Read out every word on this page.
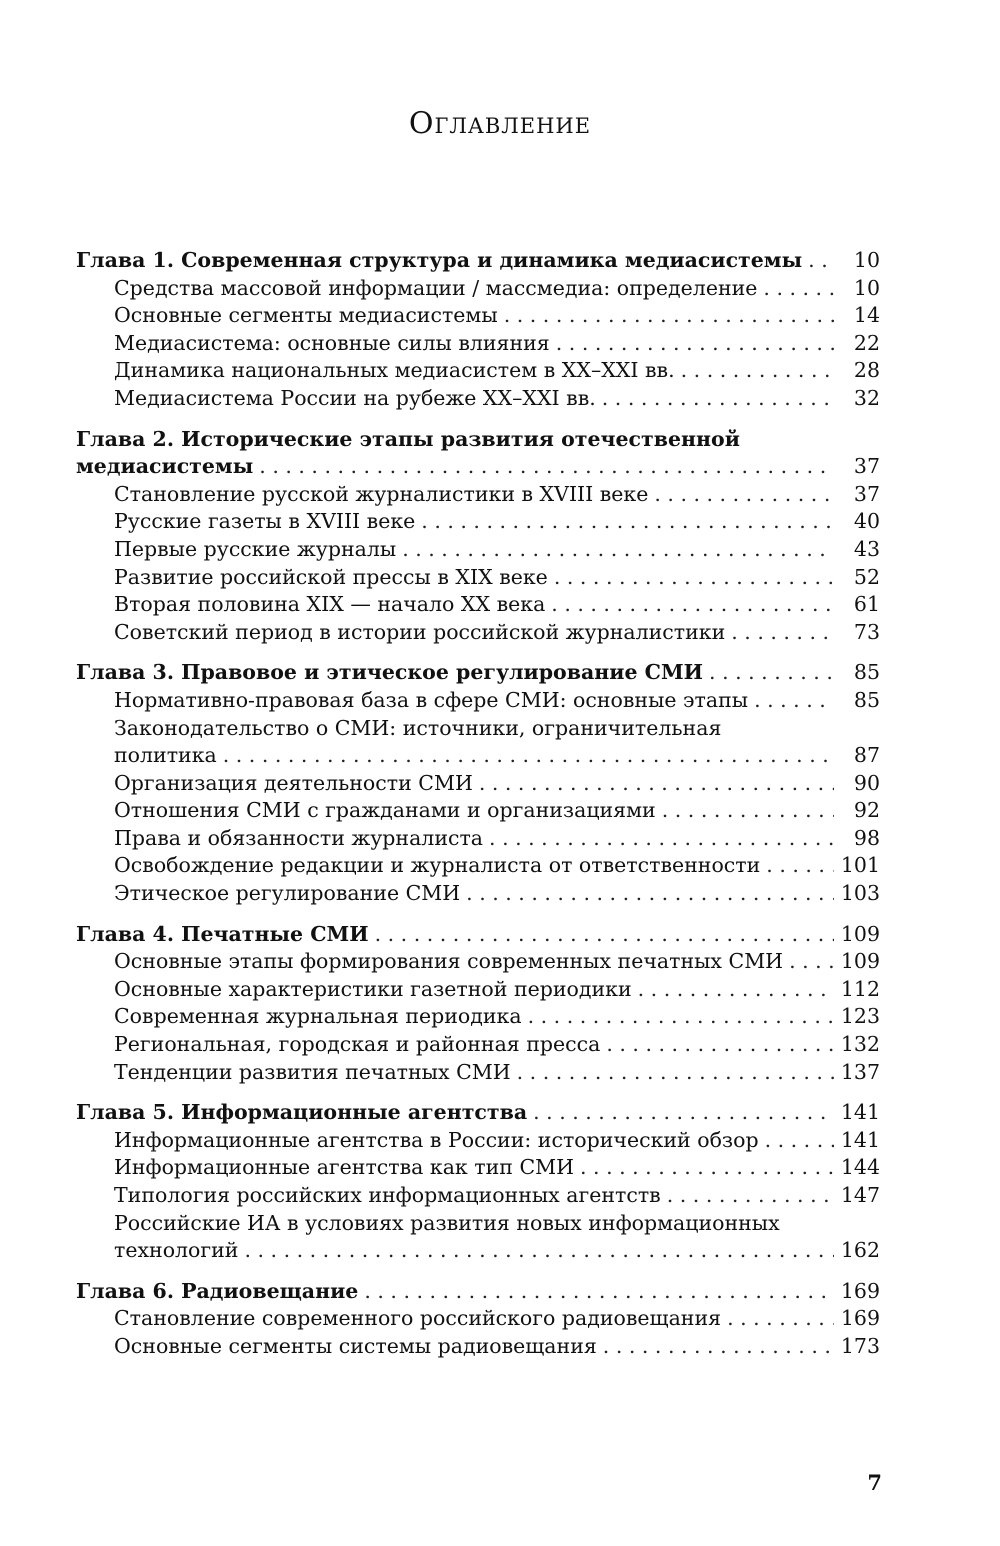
Оглавление
Глава 1. Современная структура и динамика медиасистемы . . .	10
Средства массовой информации / массмедиа: определение . . .	10
Основные сегменты медиасистемы . . .	14
Медиасистема: основные силы влияния . . .	22
Динамика национальных медиасистем в XX–XXI вв. . . .	28
Медиасистема России на рубеже XX–XXI вв. . . .	32
Глава 2. Исторические этапы развития отечественной
медиасистемы . . .	37
Становление русской журналистики в XVIII веке . . .	37
Русские газеты в XVIII веке . . .	40
Первые русские журналы . . .	43
Развитие российской прессы в XIX веке . . .	52
Вторая половина XIX — начало XX века . . .	61
Советский период в истории российской журналистики . . .	73
Глава 3. Правовое и этическое регулирование СМИ . . .	85
Нормативно-правовая база в сфере СМИ: основные этапы . . .	85
Законодательство о СМИ: источники, ограничительная
политика . . .	87
Организация деятельности СМИ . . .	90
Отношения СМИ с гражданами и организациями . . .	92
Права и обязанности журналиста . . .	98
Освобождение редакции и журналиста от ответственности . . .	101
Этическое регулирование СМИ . . .	103
Глава 4. Печатные СМИ . . .	109
Основные этапы формирования современных печатных СМИ . . .	109
Основные характеристики газетной периодики . . .	112
Современная журнальная периодика . . .	123
Региональная, городская и районная пресса . . .	132
Тенденции развития печатных СМИ . . .	137
Глава 5. Информационные агентства . . .	141
Информационные агентства в России: исторический обзор . . .	141
Информационные агентства как тип СМИ . . .	144
Типология российских информационных агентств . . .	147
Российские ИА в условиях развития новых информационных
технологий . . .	162
Глава 6. Радиовещание . . .	169
Становление современного российского радиовещания . . .	169
Основные сегменты системы радиовещания . . .	173
7
